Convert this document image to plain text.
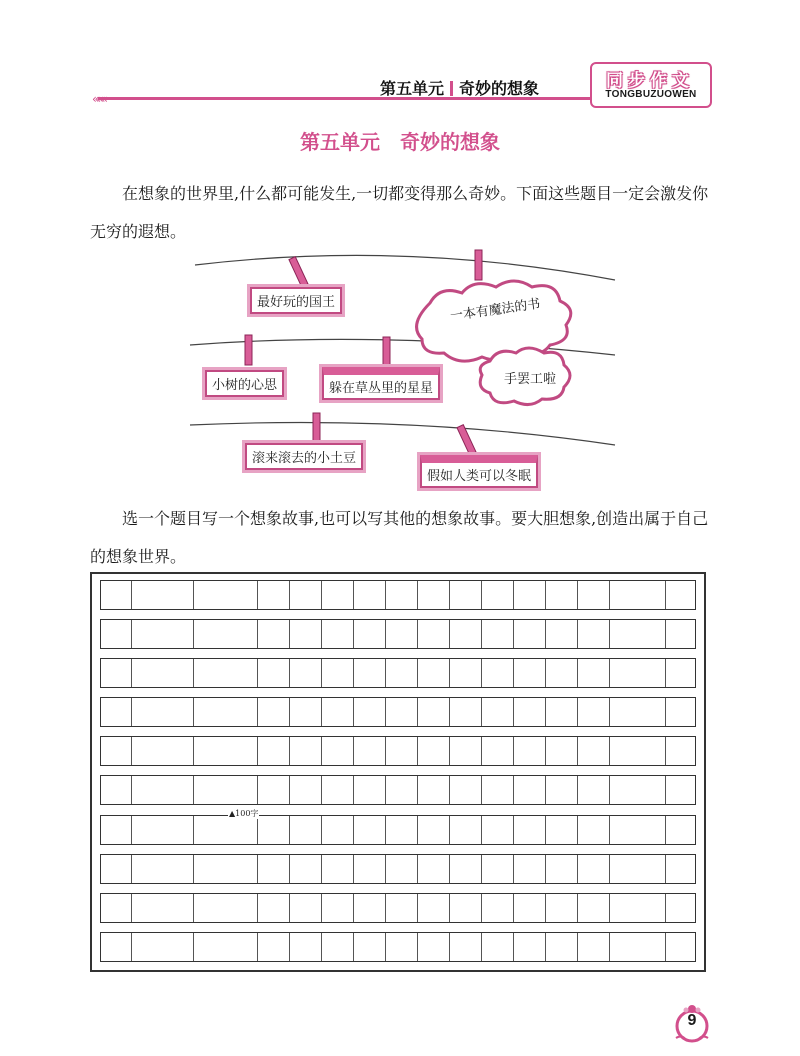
«««
第五单元 奇妙的想象	同步作文
TONGBUZUOWEN
第五单元　奇妙的想象
在想象的世界里,什么都可能发生,一切都变得那么奇妙。下面这些题目一定会激发你无穷的遐想。
最好玩的国王	一本有魔法的书
小树的心思	躲在草丛里的星星
手罢工啦
滚来滚去的小土豆
假如人类可以冬眠
选一个题目写一个想象故事,也可以写其他的想象故事。要大胆想象,创造出属于自己的想象世界。
▲100字
9
